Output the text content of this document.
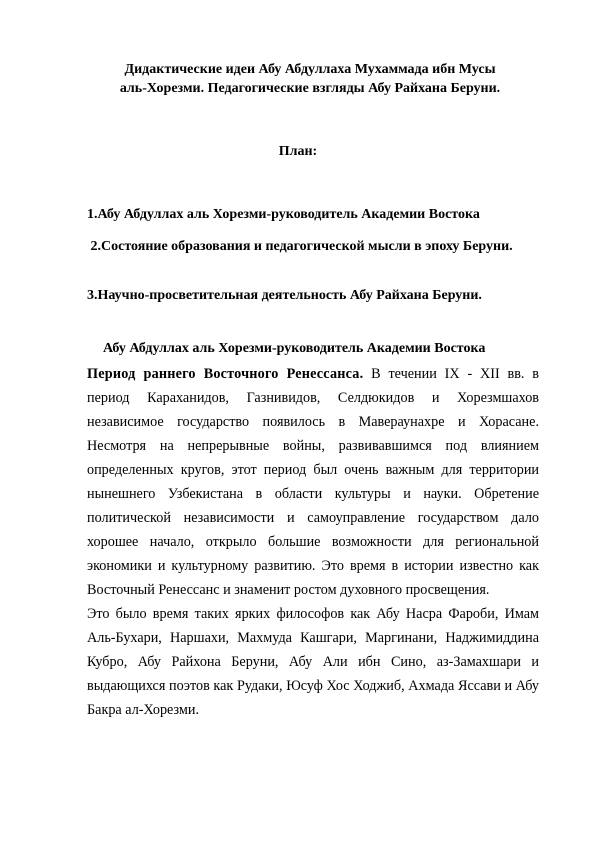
Дидактические идеи Абу Абдуллаха Мухаммада ибн Мусы
аль-Хорезми. Педагогические взгляды Абу Райхана Беруни.
План:
1.Абу Абдуллах аль Хорезми-руководитель Академии Востока
2.Состояние образования и педагогической мысли в эпоху Беруни.
3.Научно-просветительная деятельность Абу Райхана Беруни.
Абу Абдуллах аль Хорезми-руководитель Академии Востока

Период раннего Восточного Ренессанса. В течении IX - XII вв. в период Караханидов, Газнивидов, Селдюкидов и Хорезмшахов независимое государство появилось в Мавераунахре и Хорасане. Несмотря на непрерывные войны, развивавшимся под влиянием определенных кругов, этот период был очень важным для территории нынешнего Узбекистана в области культуры и науки. Обретение политической независимости и самоуправление государством дало хорошее начало, открыло большие возможности для региональной экономики и культурному развитию. Это время в истории известно как Восточный Ренессанс и знаменит ростом духовного просвещения.

Это было время таких ярких философов как Абу Насра Фароби, Имам Аль-Бухари, Наршахи, Махмуда Кашгари, Маргинани, Наджимиддина Кубро, Абу Райхона Беруни, Абу Али ибн Сино, аз-Замахшари и выдающихся поэтов как Рудаки, Юсуф Хос Ходжиб, Ахмада Яссави и Абу Бакра ал-Хорезми.
